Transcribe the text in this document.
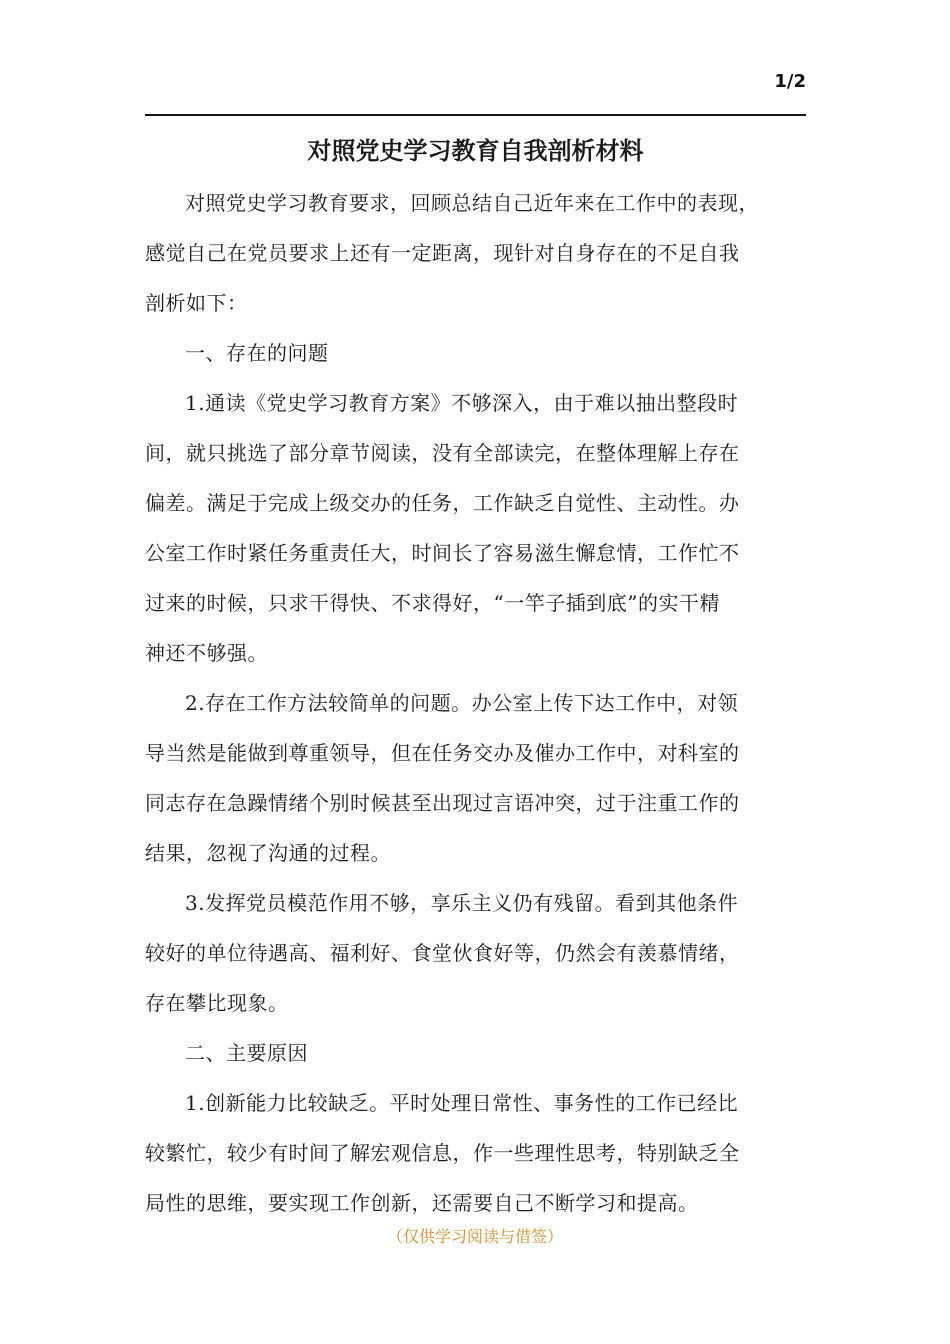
1/2
对照党史学习教育自我剖析材料

对照党史学习教育要求，回顾总结自己近年来在工作中的表现，
感觉自己在党员要求上还有一定距离，现针对自身存在的不足自我
剖析如下：

一、存在的问题

1.通读《党史学习教育方案》不够深入，由于难以抽出整段时
间，就只挑选了部分章节阅读，没有全部读完，在整体理解上存在
偏差。满足于完成上级交办的任务，工作缺乏自觉性、主动性。办
公室工作时紧任务重责任大，时间长了容易滋生懈怠情，工作忙不
过来的时候，只求干得快、不求得好，“一竿子插到底”的实干精
神还不够强。

2.存在工作方法较简单的问题。办公室上传下达工作中，对领
导当然是能做到尊重领导，但在任务交办及催办工作中，对科室的
同志存在急躁情绪个别时候甚至出现过言语冲突，过于注重工作的
结果，忽视了沟通的过程。

3.发挥党员模范作用不够，享乐主义仍有残留。看到其他条件
较好的单位待遇高、福利好、食堂伙食好等，仍然会有羡慕情绪，
存在攀比现象。

二、主要原因

1.创新能力比较缺乏。平时处理日常性、事务性的工作已经比
较繁忙，较少有时间了解宏观信息，作一些理性思考，特别缺乏全
局性的思维，要实现工作创新，还需要自己不断学习和提高。

（仅供学习阅读与借签）
